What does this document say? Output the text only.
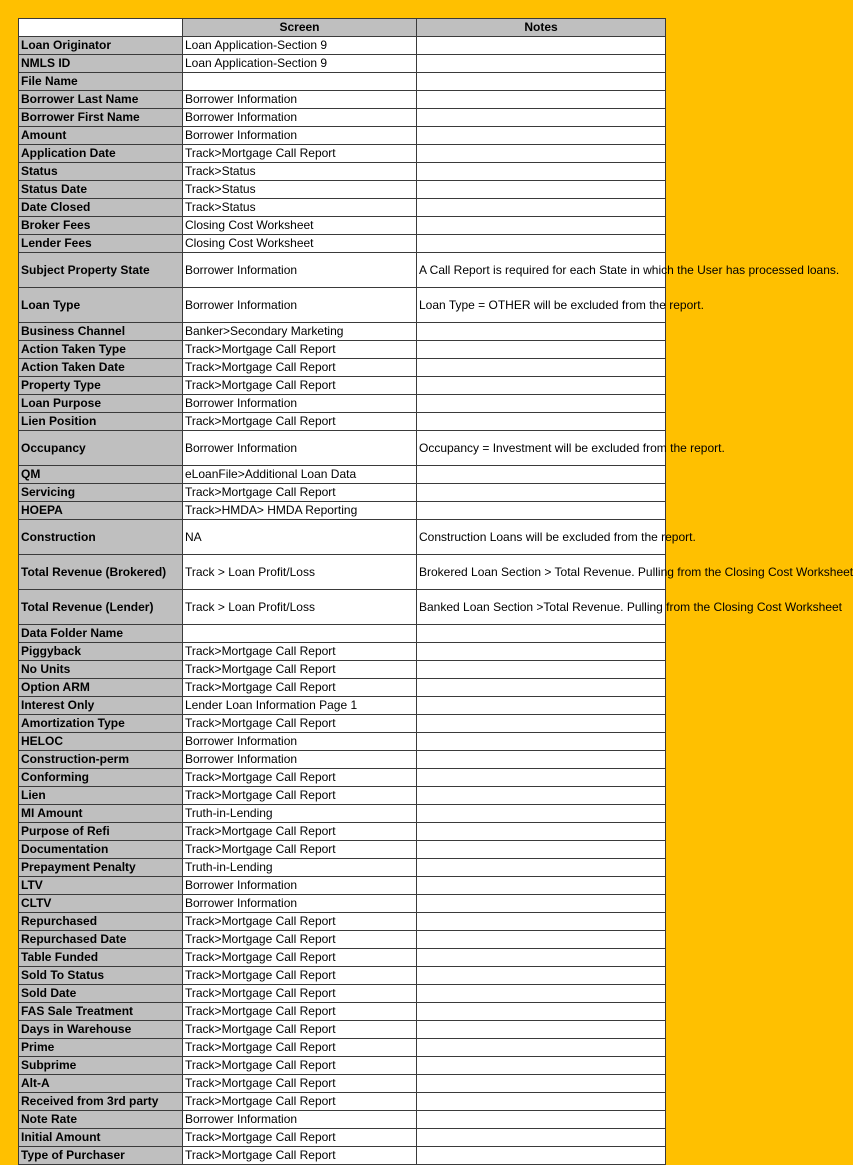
	Screen	Notes
Loan Originator	Loan Application-Section 9	
NMLS ID	Loan Application-Section 9	
File Name		
Borrower Last Name	Borrower Information	
Borrower First Name	Borrower Information	
Amount	Borrower Information	
Application Date	Track>Mortgage Call Report	
Status	Track>Status	
Status Date	Track>Status	
Date Closed	Track>Status	
Broker Fees	Closing Cost Worksheet	
Lender Fees	Closing Cost Worksheet	
Subject Property State	Borrower Information	A Call Report is required for each State in which the User has processed loans.
Loan Type	Borrower Information	Loan Type = OTHER will be excluded from the report.
Business Channel	Banker>Secondary Marketing	
Action Taken Type	Track>Mortgage Call Report	
Action Taken Date	Track>Mortgage Call Report	
Property Type	Track>Mortgage Call Report	
Loan Purpose	Borrower Information	
Lien Position	Track>Mortgage Call Report	
Occupancy	Borrower Information	Occupancy = Investment will be excluded from the report.
QM	eLoanFile>Additional Loan Data	
Servicing	Track>Mortgage Call Report	
HOEPA	Track>HMDA> HMDA Reporting	
Construction	NA	Construction Loans will be excluded from the report.
Total Revenue (Brokered)	Track > Loan Profit/Loss	Brokered Loan Section > Total Revenue. Pulling from the Closing Cost Worksheet
Total Revenue (Lender)	Track > Loan Profit/Loss	Banked Loan Section >Total Revenue. Pulling from the Closing Cost Worksheet
Data Folder Name		
Piggyback	Track>Mortgage Call Report	
No Units	Track>Mortgage Call Report	
Option ARM	Track>Mortgage Call Report	
Interest Only	Lender Loan Information Page 1	
Amortization Type	Track>Mortgage Call Report	
HELOC	Borrower Information	
Construction-perm	Borrower Information	
Conforming	Track>Mortgage Call Report	
Lien	Track>Mortgage Call Report	
MI Amount	Truth-in-Lending	
Purpose of Refi	Track>Mortgage Call Report	
Documentation	Track>Mortgage Call Report	
Prepayment Penalty	Truth-in-Lending	
LTV	Borrower Information	
CLTV	Borrower Information	
Repurchased	Track>Mortgage Call Report	
Repurchased Date	Track>Mortgage Call Report	
Table Funded	Track>Mortgage Call Report	
Sold To Status	Track>Mortgage Call Report	
Sold Date	Track>Mortgage Call Report	
FAS Sale Treatment	Track>Mortgage Call Report	
Days in Warehouse	Track>Mortgage Call Report	
Prime	Track>Mortgage Call Report	
Subprime	Track>Mortgage Call Report	
Alt-A	Track>Mortgage Call Report	
Received from 3rd party	Track>Mortgage Call Report	
Note Rate	Borrower Information	
Initial Amount	Track>Mortgage Call Report	
Type of Purchaser	Track>Mortgage Call Report	
